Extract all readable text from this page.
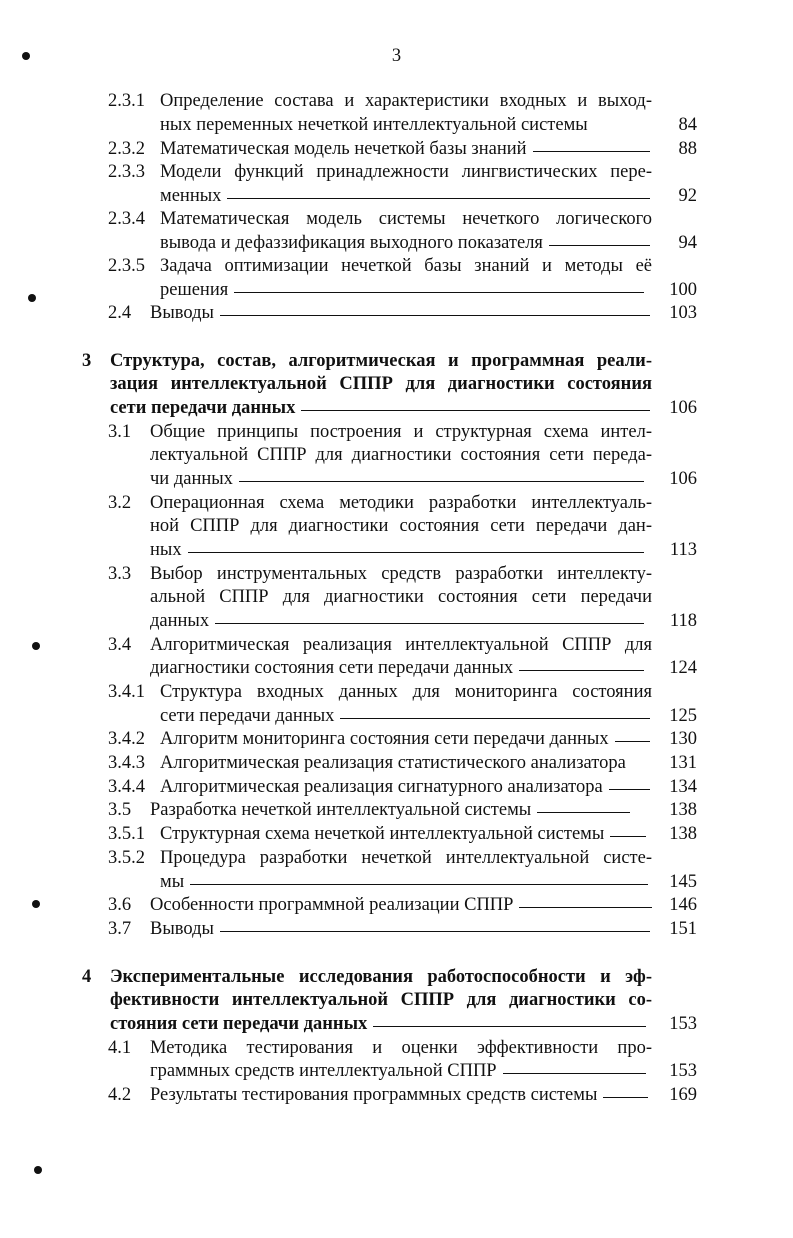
3
2.3.1 Определение состава и характеристики входных и выход-
ных переменных нечеткой интеллектуальной системы	84
2.3.2 Математическая модель нечеткой базы знаний	88
2.3.3 Модели функций принадлежности лингвистических пере-
менных	92
2.3.4 Математическая модель системы нечеткого логического
вывода и дефаззификация выходного показателя	94
2.3.5 Задача оптимизации нечеткой базы знаний и методы её
решения	100
2.4 Выводы	103
3 Структура, состав, алгоритмическая и программная реали-
зация интеллектуальной СППР для диагностики состояния
сети передачи данных	106
3.1 Общие принципы построения и структурная схема интел-
лектуальной СППР для диагностики состояния сети переда-
чи данных	106
3.2 Операционная схема методики разработки интеллектуаль-
ной СППР для диагностики состояния сети передачи дан-
ных	113
3.3 Выбор инструментальных средств разработки интеллекту-
альной СППР для диагностики состояния сети передачи
данных	118
3.4 Алгоритмическая реализация интеллектуальной СППР для
диагностики состояния сети передачи данных	124
3.4.1 Структура входных данных для мониторинга состояния
сети передачи данных	125
3.4.2 Алгоритм мониторинга состояния сети передачи данных	130
3.4.3 Алгоритмическая реализация статистического анализатора 131
3.4.4 Алгоритмическая реализация сигнатурного анализатора	134
3.5 Разработка нечеткой интеллектуальной системы	138
3.5.1 Структурная схема нечеткой интеллектуальной системы	138
3.5.2 Процедура разработки нечеткой интеллектуальной систе-
мы	145
3.6 Особенности программной реализации СППР	146
3.7 Выводы	151
4 Экспериментальные исследования работоспособности и эф-
фективности интеллектуальной СППР для диагностики со-
стояния сети передачи данных	153
4.1 Методика тестирования и оценки эффективности про-
граммных средств интеллектуальной СППР	153
4.2 Результаты тестирования программных средств системы	169
